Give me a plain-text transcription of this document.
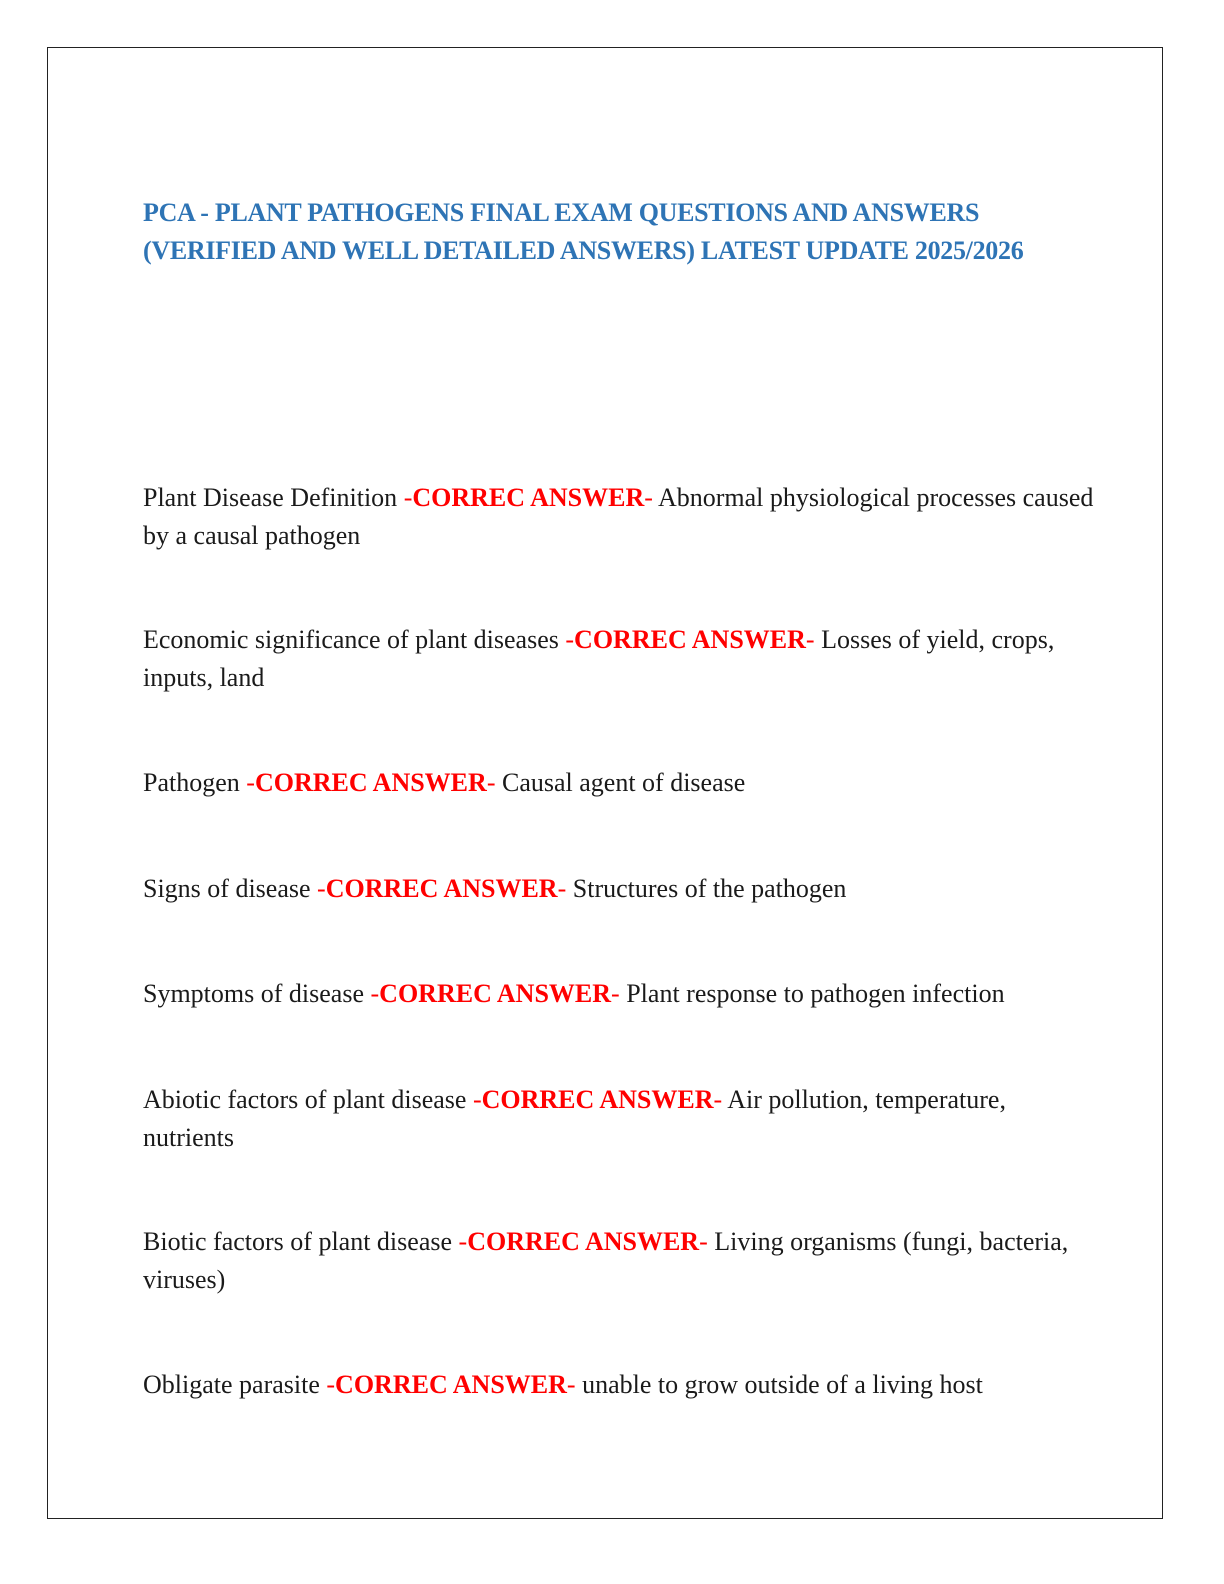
PCA - PLANT PATHOGENS FINAL EXAM QUESTIONS AND ANSWERS (VERIFIED AND WELL DETAILED ANSWERS) LATEST UPDATE 2025/2026

Plant Disease Definition -CORREC ANSWER- Abnormal physiological processes caused by a causal pathogen

Economic significance of plant diseases -CORREC ANSWER- Losses of yield, crops, inputs, land

Pathogen -CORREC ANSWER- Causal agent of disease

Signs of disease -CORREC ANSWER- Structures of the pathogen

Symptoms of disease -CORREC ANSWER- Plant response to pathogen infection

Abiotic factors of plant disease -CORREC ANSWER- Air pollution, temperature, nutrients

Biotic factors of plant disease -CORREC ANSWER- Living organisms (fungi, bacteria, viruses)

Obligate parasite -CORREC ANSWER- unable to grow outside of a living host
